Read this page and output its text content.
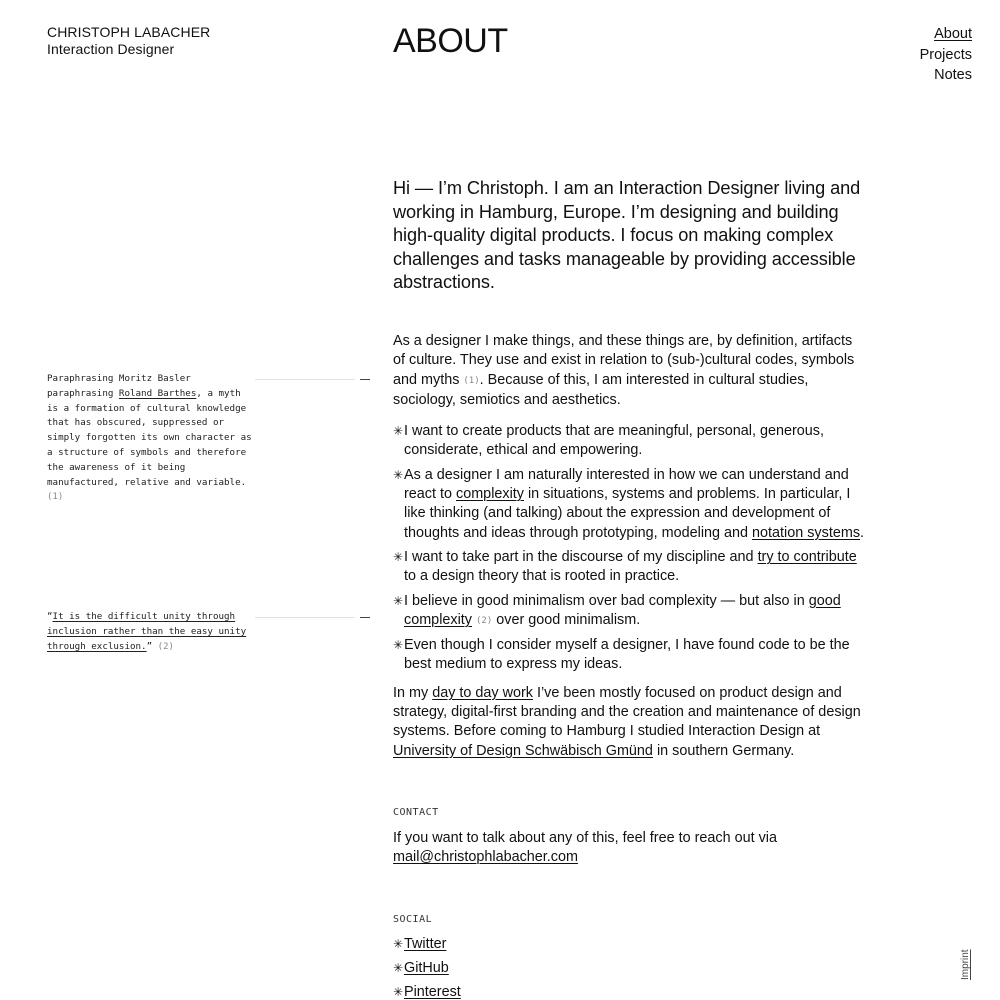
CHRISTOPH LABACHER
Interaction Designer	ABOUT	About
Projects
Notes

Hi — I’m Christoph. I am an Interaction Designer living and working in Hamburg, Europe. I’m designing and building high-quality digital products. I focus on making complex challenges and tasks manageable by providing accessible abstractions.

As a designer I make things, and these things are, by definition, artifacts of culture. They use and exist in relation to (sub-)cultural codes, symbols and myths (1). Because of this, I am interested in cultural studies, sociology, semiotics and aesthetics.

✳ I want to create products that are meaningful, personal, generous, considerate, ethical and empowering.
✳ As a designer I am naturally interested in how we can understand and react to complexity in situations, systems and problems. In particular, I like thinking (and talking) about the expression and development of thoughts and ideas through prototyping, modeling and notation systems.
✳ I want to take part in the discourse of my discipline and try to contribute to a design theory that is rooted in practice.
✳ I believe in good minimalism over bad complexity — but also in good complexity (2) over good minimalism.
✳ Even though I consider myself a designer, I have found code to be the best medium to express my ideas.

In my day to day work I’ve been mostly focused on product design and strategy, digital-first branding and the creation and maintenance of design systems. Before coming to Hamburg I studied Interaction Design at University of Design Schwäbisch Gmünd in southern Germany.

CONTACT

If you want to talk about any of this, feel free to reach out via
mail@christophlabacher.com

SOCIAL
✳ Twitter
✳ GitHub
✳ Pinterest
Paraphrasing Moritz Basler paraphrasing Roland Barthes, a myth is a formation of cultural knowledge that has obscured, suppressed or simply forgotten its own character as a structure of symbols and therefore the awareness of it being manufactured, relative and variable.
(1)
“It is the difficult unity through inclusion rather than the easy unity through exclusion.” (2)
Imprint
